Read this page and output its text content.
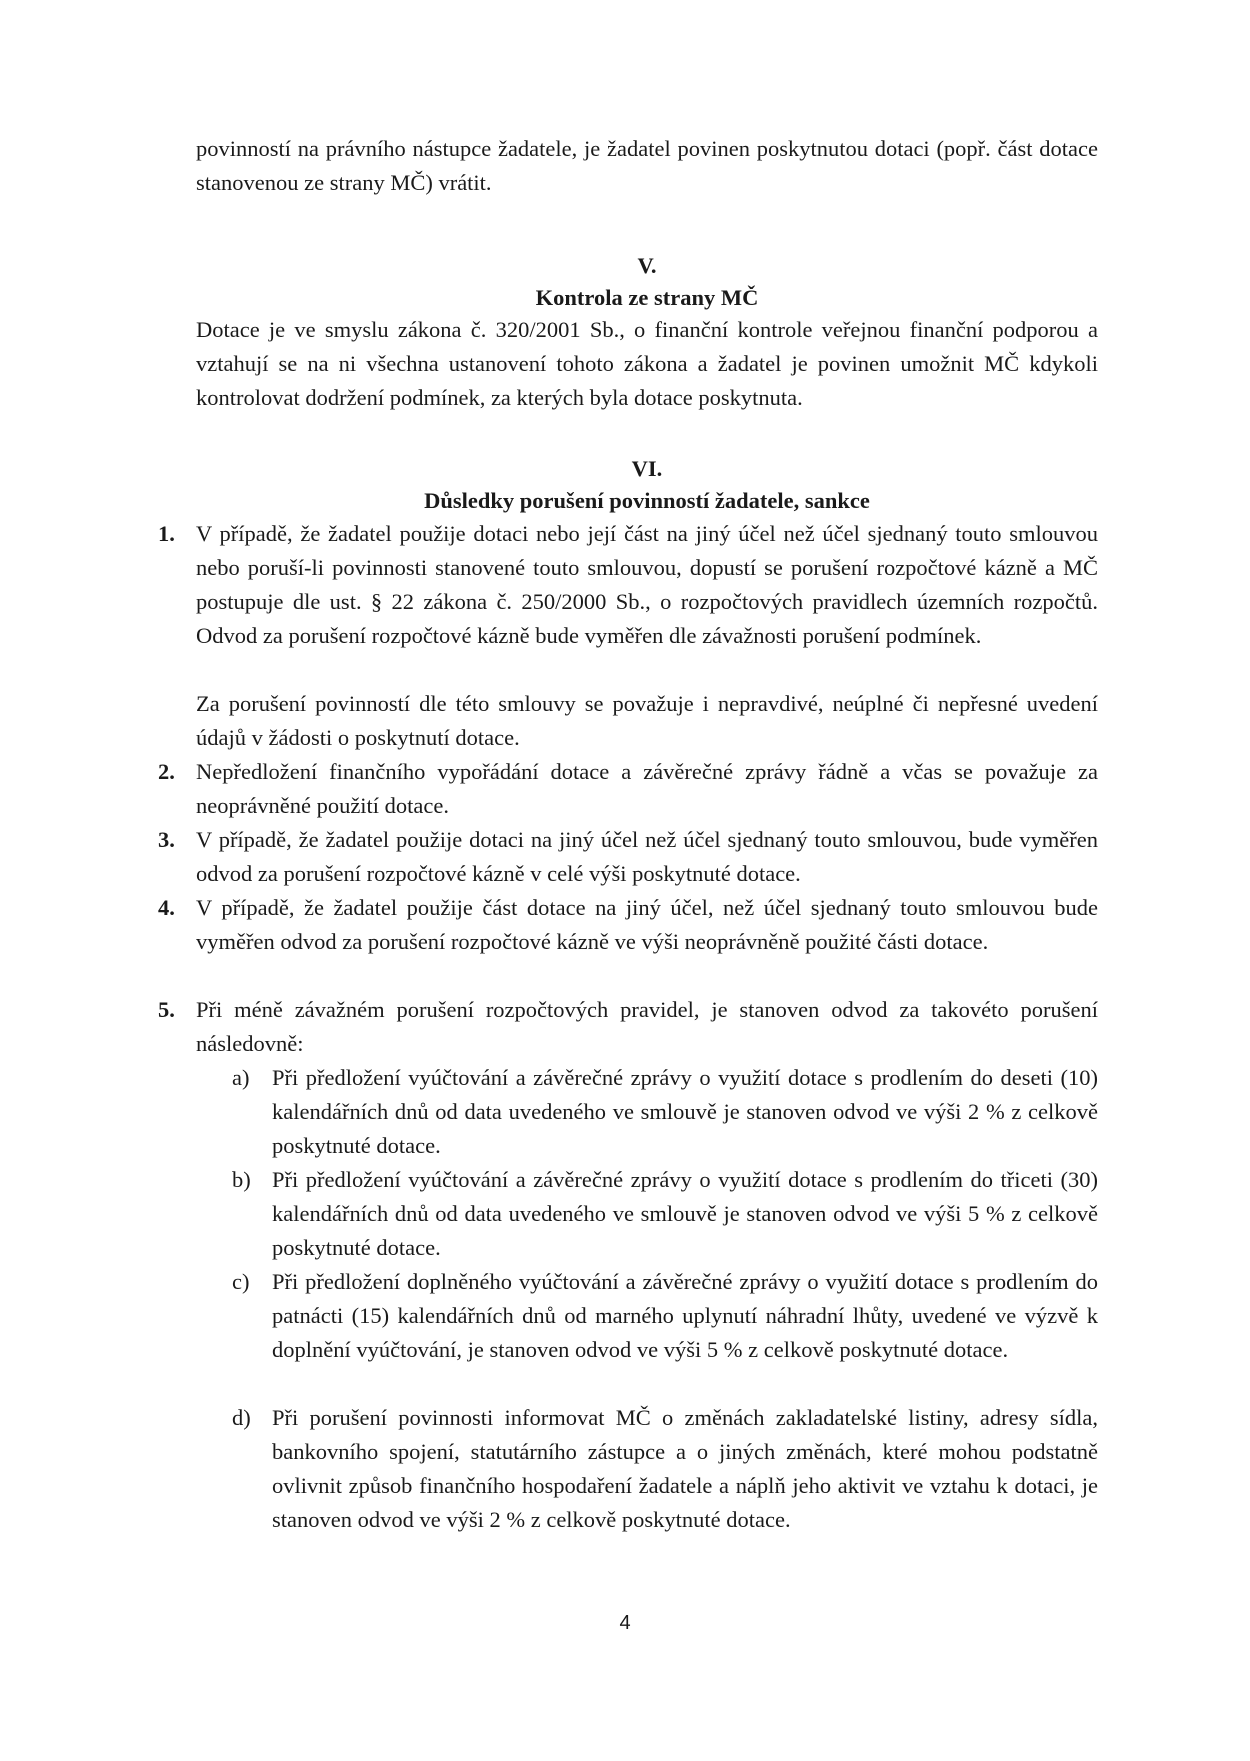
povinností na právního nástupce žadatele, je žadatel povinen poskytnutou dotaci (popř. část dotace stanovenou ze strany MČ) vrátit.
V.
Kontrola ze strany MČ
Dotace je ve smyslu zákona č. 320/2001 Sb., o finanční kontrole veřejnou finanční podporou a vztahují se na ni všechna ustanovení tohoto zákona a žadatel je povinen umožnit MČ kdykoli kontrolovat dodržení podmínek, za kterých byla dotace poskytnuta.
VI.
Důsledky porušení povinností žadatele, sankce
1. V případě, že žadatel použije dotaci nebo její část na jiný účel než účel sjednaný touto smlouvou nebo poruší-li povinnosti stanovené touto smlouvou, dopustí se porušení rozpočtové kázně a MČ postupuje dle ust. § 22 zákona č. 250/2000 Sb., o rozpočtových pravidlech územních rozpočtů. Odvod za porušení rozpočtové kázně bude vyměřen dle závažnosti porušení podmínek.
Za porušení povinností dle této smlouvy se považuje i nepravdivé, neúplné či nepřesné uvedení údajů v žádosti o poskytnutí dotace.
2. Nepředložení finančního vypořádání dotace a závěrečné zprávy řádně a včas se považuje za neoprávněné použití dotace.
3. V případě, že žadatel použije dotaci na jiný účel než účel sjednaný touto smlouvou, bude vyměřen odvod za porušení rozpočtové kázně v celé výši poskytnuté dotace.
4. V případě, že žadatel použije část dotace na jiný účel, než účel sjednaný touto smlouvou bude vyměřen odvod za porušení rozpočtové kázně ve výši neoprávněně použité části dotace.
5. Při méně závažném porušení rozpočtových pravidel, je stanoven odvod za takovéto porušení následovně:
a)	Při předložení vyúčtování a závěrečné zprávy o využití dotace s prodlením do deseti (10) kalendářních dnů od data uvedeného ve smlouvě je stanoven odvod ve výši 2 % z celkově poskytnuté dotace.
b) Při předložení vyúčtování a závěrečné zprávy o využití dotace s prodlením do třiceti (30) kalendářních dnů od data uvedeného ve smlouvě je stanoven odvod ve výši 5 % z celkově poskytnuté dotace.
c)	Při předložení doplněného vyúčtování a závěrečné zprávy o využití dotace s prodlením do patnácti (15) kalendářních dnů od marného uplynutí náhradní lhůty, uvedené ve výzvě k doplnění vyúčtování, je stanoven odvod ve výši 5 % z celkově poskytnuté dotace.
d) Při porušení povinnosti informovat MČ o změnách zakladatelské listiny, adresy sídla, bankovního spojení, statutárního zástupce a o jiných změnách, které mohou podstatně ovlivnit způsob finančního hospodaření žadatele a náplň jeho aktivit ve vztahu k dotaci, je stanoven odvod ve výši 2 % z celkově poskytnuté dotace.
4
